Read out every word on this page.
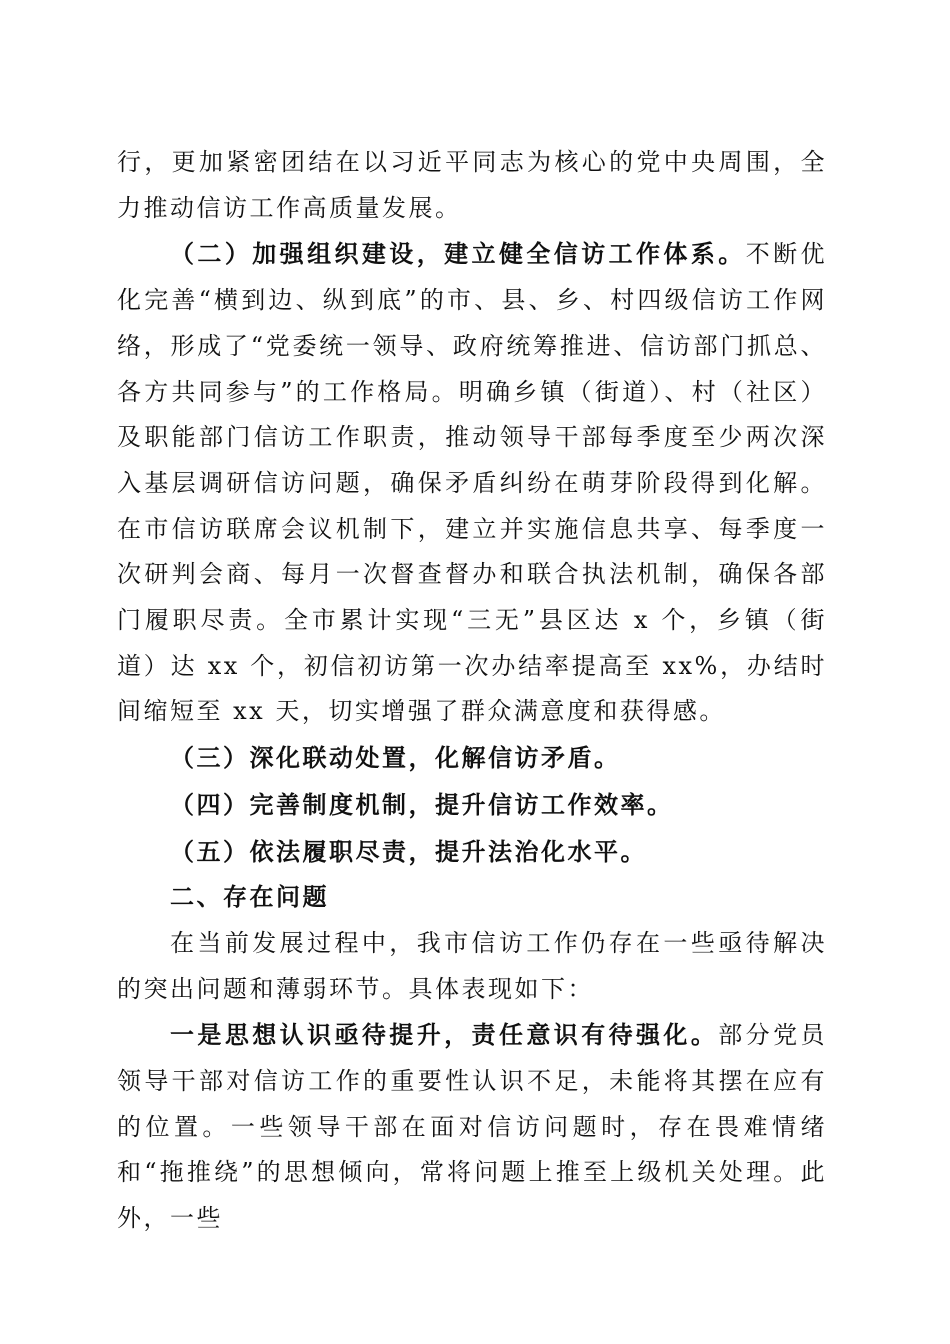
行，更加紧密团结在以习近平同志为核心的党中央周围，全力推动信访工作高质量发展。

（二）加强组织建设，建立健全信访工作体系。不断优化完善“横到边、纵到底”的市、县、乡、村四级信访工作网络，形成了“党委统一领导、政府统筹推进、信访部门抓总、各方共同参与”的工作格局。明确乡镇（街道）、村（社区）及职能部门信访工作职责，推动领导干部每季度至少两次深入基层调研信访问题，确保矛盾纠纷在萌芽阶段得到化解。在市信访联席会议机制下，建立并实施信息共享、每季度一次研判会商、每月一次督查督办和联合执法机制，确保各部门履职尽责。全市累计实现“三无”县区达 x 个，乡镇（街道）达 xx 个，初信初访第一次办结率提高至 xx%，办结时间缩短至 xx 天，切实增强了群众满意度和获得感。

（三）深化联动处置，化解信访矛盾。

（四）完善制度机制，提升信访工作效率。

（五）依法履职尽责，提升法治化水平。

二、存在问题

在当前发展过程中，我市信访工作仍存在一些亟待解决的突出问题和薄弱环节。具体表现如下：

一是思想认识亟待提升，责任意识有待强化。部分党员领导干部对信访工作的重要性认识不足，未能将其摆在应有的位置。一些领导干部在面对信访问题时，存在畏难情绪和“拖推绕”的思想倾向，常将问题上推至上级机关处理。此外，一些
